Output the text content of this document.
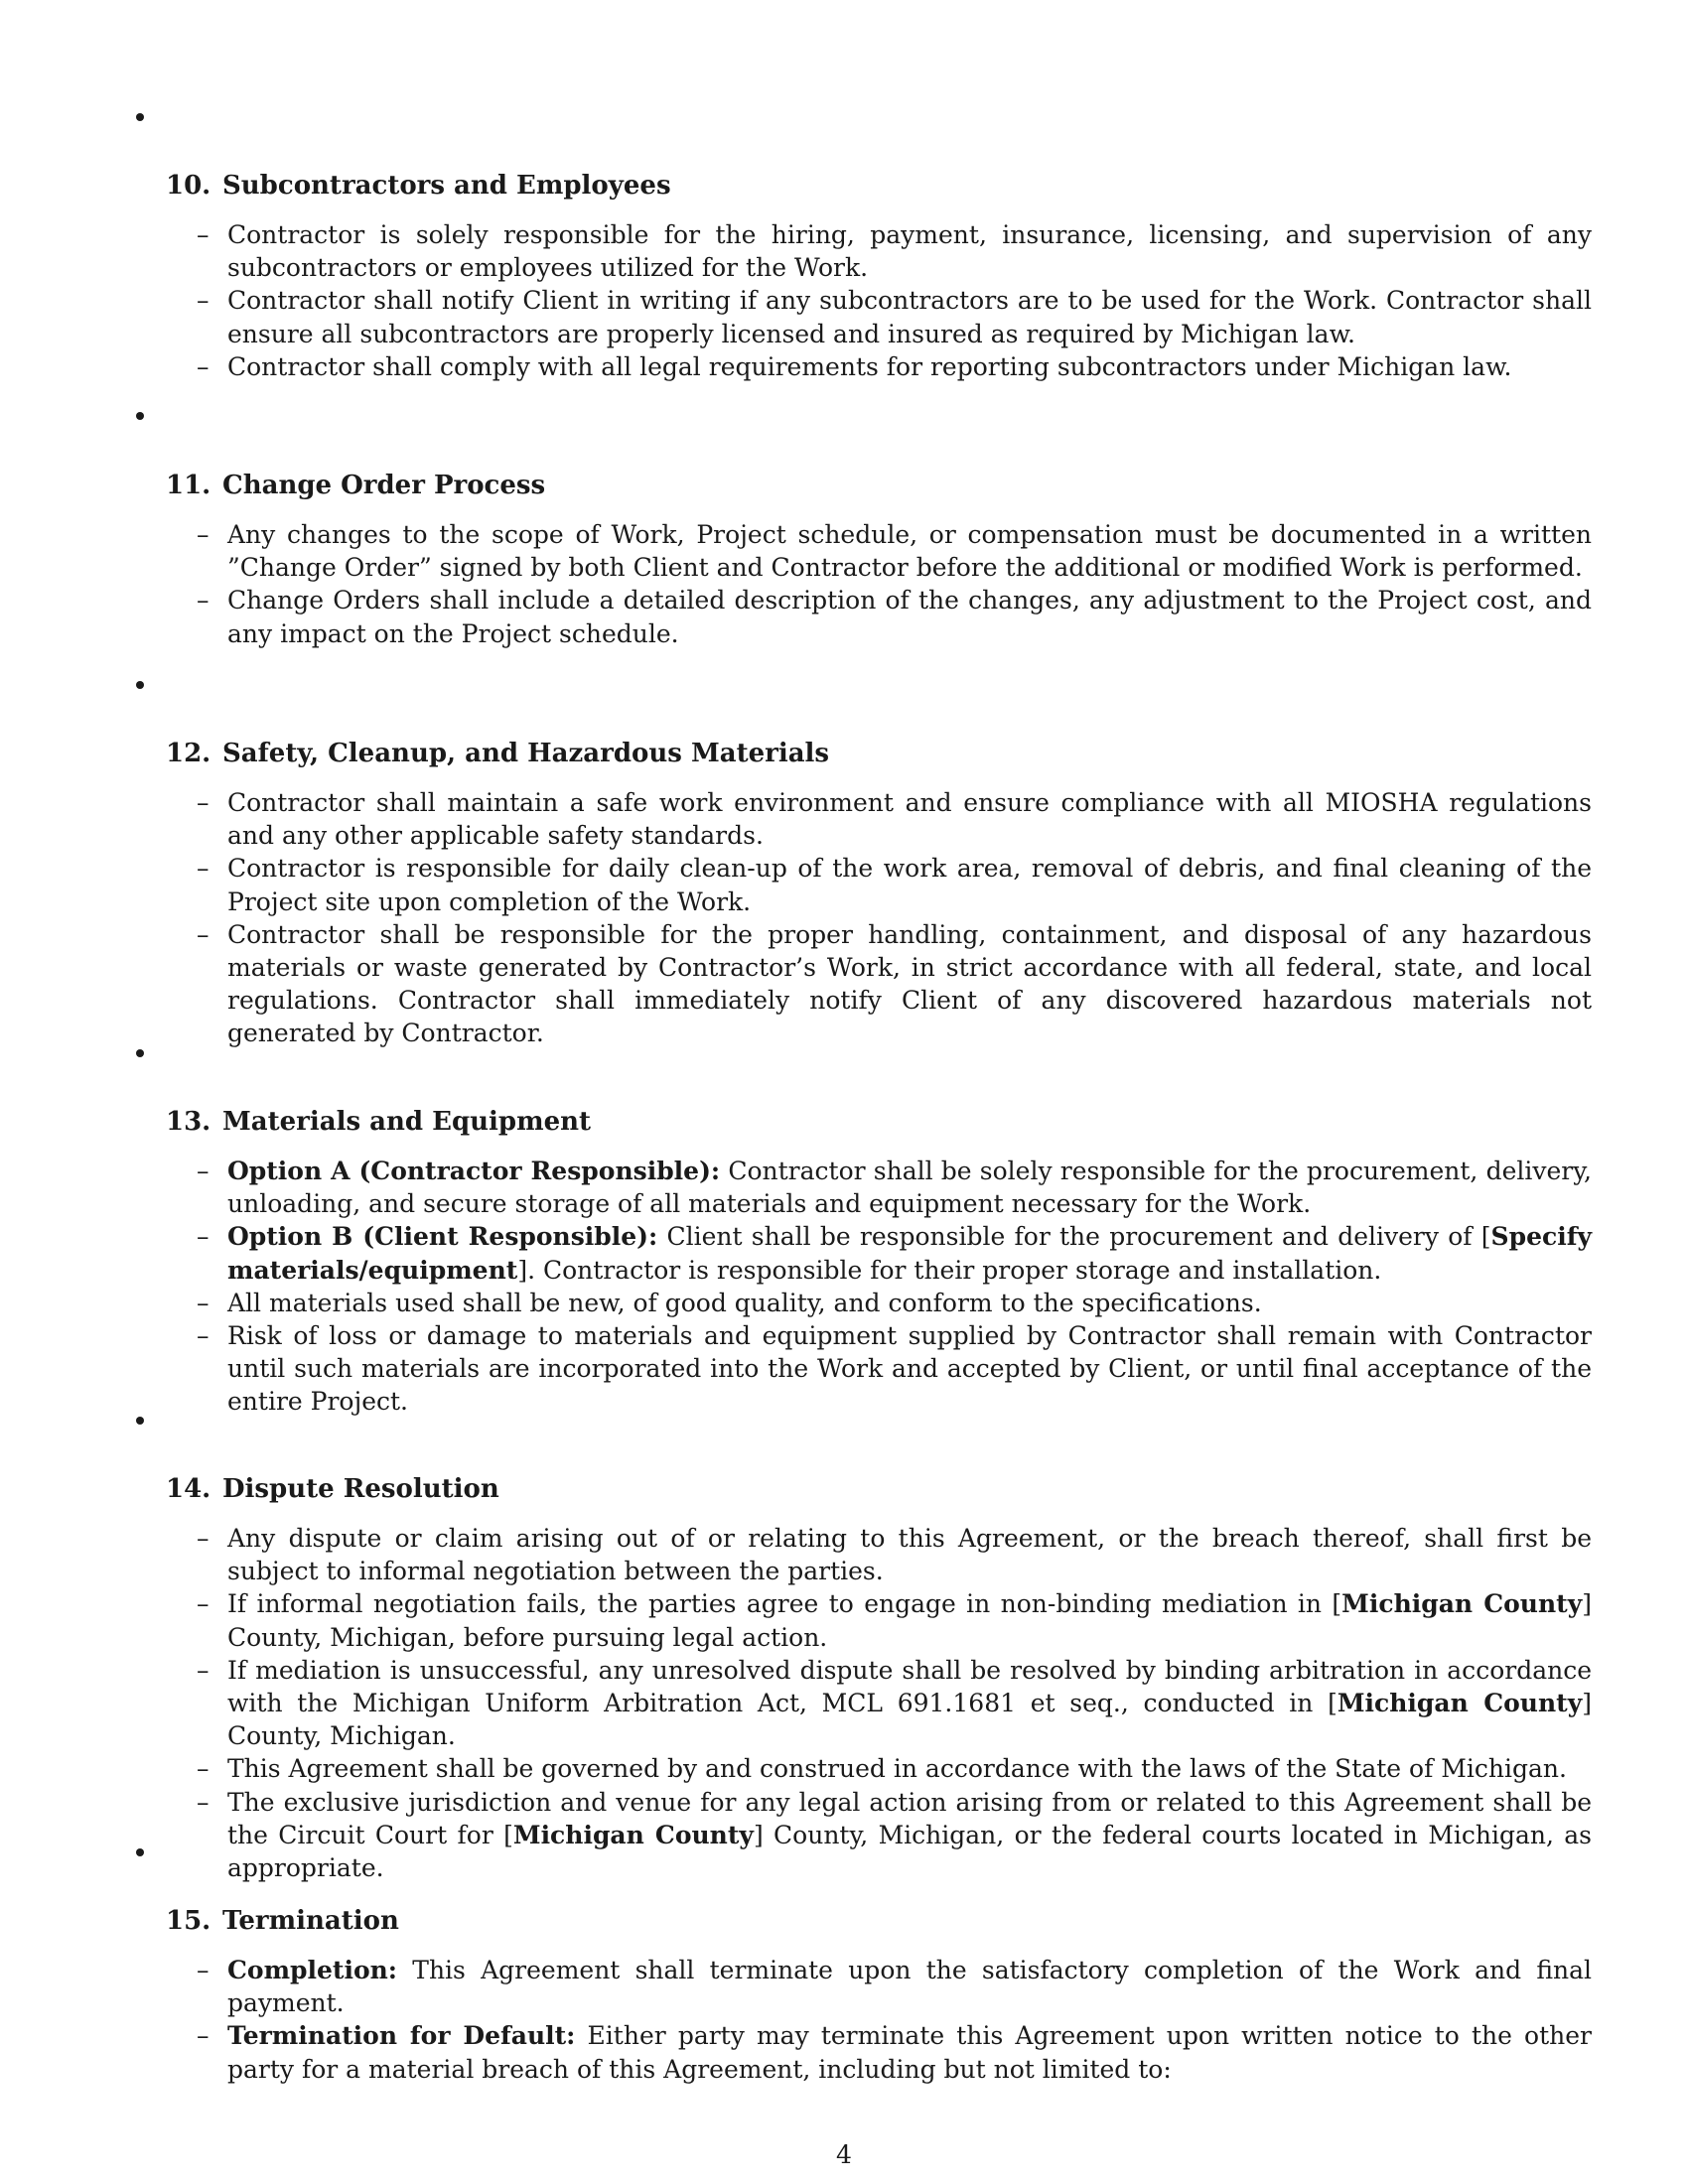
10. Subcontractors and Employees
– Contractor is solely responsible for the hiring, payment, insurance, licensing, and supervision of any subcontractors or employees utilized for the Work.
– Contractor shall notify Client in writing if any subcontractors are to be used for the Work. Contractor shall ensure all subcontractors are properly licensed and insured as required by Michigan law.
– Contractor shall comply with all legal requirements for reporting subcontractors under Michigan law.
11. Change Order Process
– Any changes to the scope of Work, Project schedule, or compensation must be documented in a written ”Change Order” signed by both Client and Contractor before the additional or modified Work is performed.
– Change Orders shall include a detailed description of the changes, any adjustment to the Project cost, and any impact on the Project schedule.
12. Safety, Cleanup, and Hazardous Materials
– Contractor shall maintain a safe work environment and ensure compliance with all MIOSHA regulations and any other applicable safety standards.
– Contractor is responsible for daily clean-up of the work area, removal of debris, and final cleaning of the Project site upon completion of the Work.
– Contractor shall be responsible for the proper handling, containment, and disposal of any hazardous materials or waste generated by Contractor’s Work, in strict accordance with all federal, state, and local regulations. Contractor shall immediately notify Client of any discovered hazardous materials not generated by Contractor.
13. Materials and Equipment
– Option A (Contractor Responsible): Contractor shall be solely responsible for the procurement, delivery, unloading, and secure storage of all materials and equipment necessary for the Work.
– Option B (Client Responsible): Client shall be responsible for the procurement and delivery of [Specify materials/equipment]. Contractor is responsible for their proper storage and installation.
– All materials used shall be new, of good quality, and conform to the specifications.
– Risk of loss or damage to materials and equipment supplied by Contractor shall remain with Contractor until such materials are incorporated into the Work and accepted by Client, or until final acceptance of the entire Project.
14. Dispute Resolution
– Any dispute or claim arising out of or relating to this Agreement, or the breach thereof, shall first be subject to informal negotiation between the parties.
– If informal negotiation fails, the parties agree to engage in non-binding mediation in [Michigan County] County, Michigan, before pursuing legal action.
– If mediation is unsuccessful, any unresolved dispute shall be resolved by binding arbitration in accordance with the Michigan Uniform Arbitration Act, MCL 691.1681 et seq., conducted in [Michigan County] County, Michigan.
– This Agreement shall be governed by and construed in accordance with the laws of the State of Michigan.
– The exclusive jurisdiction and venue for any legal action arising from or related to this Agreement shall be the Circuit Court for [Michigan County] County, Michigan, or the federal courts located in Michigan, as appropriate.
15. Termination
– Completion: This Agreement shall terminate upon the satisfactory completion of the Work and final payment.
– Termination for Default: Either party may terminate this Agreement upon written notice to the other party for a material breach of this Agreement, including but not limited to:
4
